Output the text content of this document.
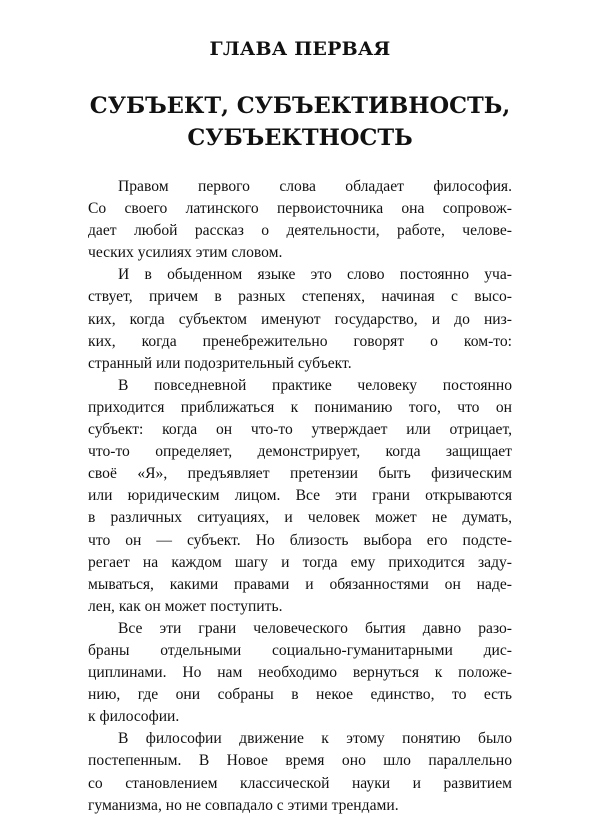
ГЛАВА ПЕРВАЯ
СУБЪЕКТ, СУБЪЕКТИВНОСТЬ,
СУБЪЕКТНОСТЬ

Правом первого слова обладает философия.
Со своего латинского первоисточника она сопровож-
дает любой рассказ о деятельности, работе, челове-
ческих усилиях этим словом.

И в обыденном языке это слово постоянно уча-
ствует, причем в разных степенях, начиная с высо-
ких, когда субъектом именуют государство, и до низ-
ких, когда пренебрежительно говорят о ком-то:
странный или подозрительный субъект.

В повседневной практике человеку постоянно
приходится приближаться к пониманию того, что он
субъект: когда он что-то утверждает или отрицает,
что-то определяет, демонстрирует, когда защищает
своё «Я», предъявляет претензии быть физическим
или юридическим лицом. Все эти грани открываются
в различных ситуациях, и человек может не думать,
что он — субъект. Но близость выбора его подсте-
регает на каждом шагу и тогда ему приходится заду-
мываться, какими правами и обязанностями он наде-
лен, как он может поступить.

Все эти грани человеческого бытия давно разо-
браны отдельными социально-гуманитарными дис-
циплинами. Но нам необходимо вернуться к положе-
нию, где они собраны в некое единство, то есть
к философии.

В философии движение к этому понятию было
постепенным. В Новое время оно шло параллельно
со становлением классической науки и развитием
гуманизма, но не совпадало с этими трендами.
